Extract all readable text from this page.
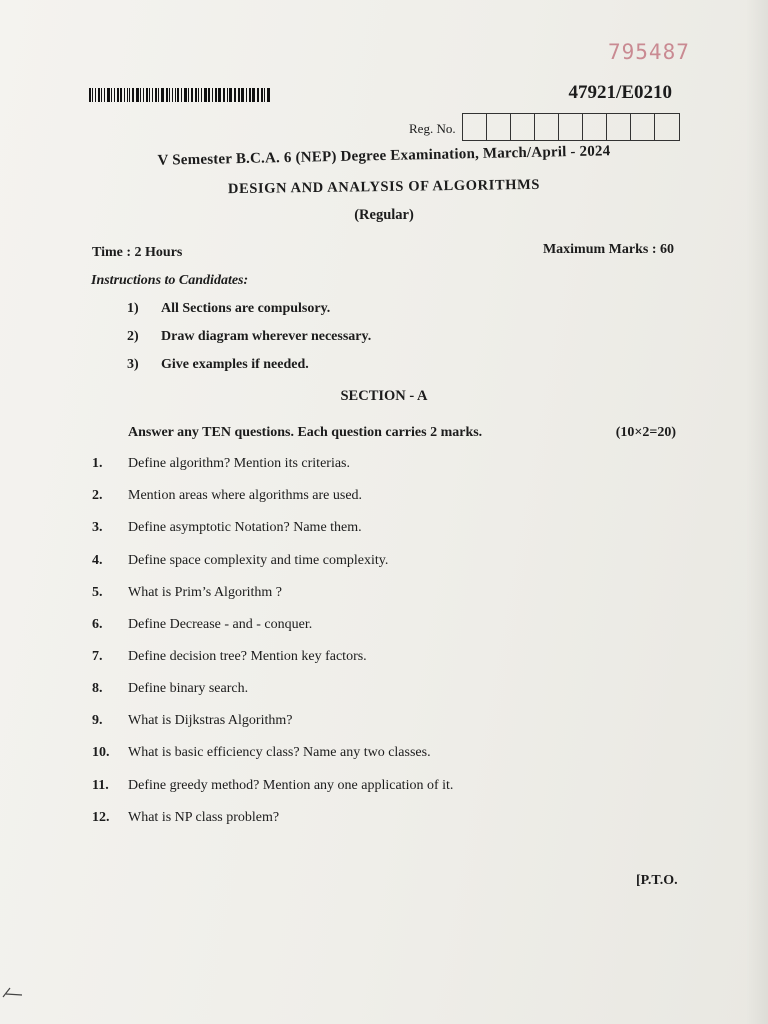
795487
47921/E0210
Reg. No.
V Semester B.C.A. 6 (NEP) Degree Examination, March/April - 2024
DESIGN AND ANALYSIS OF ALGORITHMS
(Regular)
Time : 2 Hours	Maximum Marks : 60
Instructions to Candidates:
1) All Sections are compulsory.
2) Draw diagram wherever necessary.
3) Give examples if needed.
SECTION - A
Answer any TEN questions. Each question carries 2 marks.	(10×2=20)
1. Define algorithm? Mention its criterias.
2. Mention areas where algorithms are used.
3. Define asymptotic Notation? Name them.
4. Define space complexity and time complexity.
5. What is Prim’s Algorithm ?
6. Define Decrease - and - conquer.
7. Define decision tree? Mention key factors.
8. Define binary search.
9. What is Dijkstras Algorithm?
10. What is basic efficiency class? Name any two classes.
11. Define greedy method? Mention any one application of it.
12. What is NP class problem?
[P.T.O.
